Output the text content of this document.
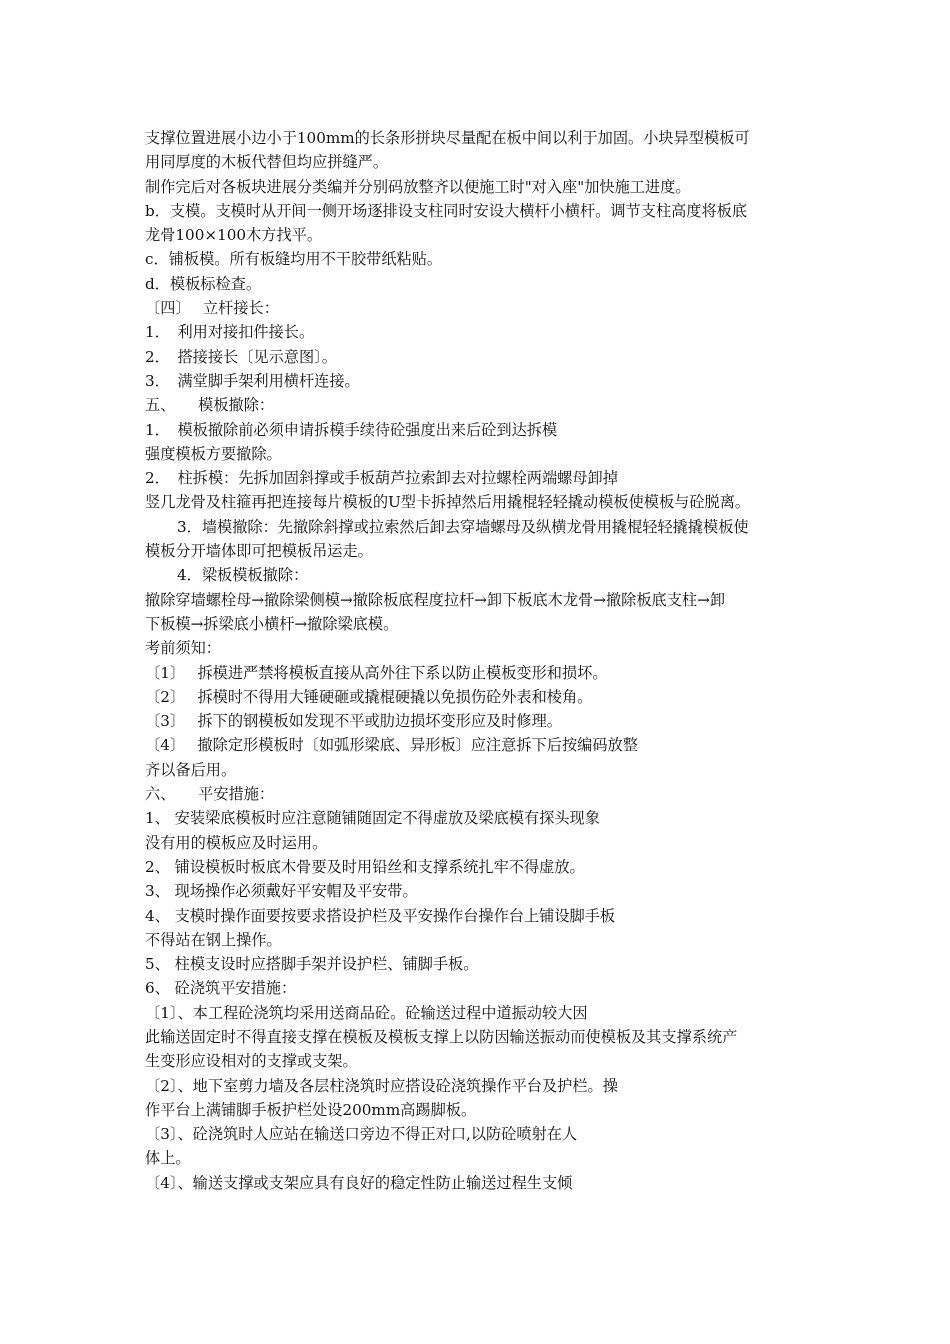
支撑位置进展小边小于100mm的长条形拼块尽量配在板中间以利于加固。小块异型模板可
用同厚度的木板代替但均应拼缝严。
制作完后对各板块进展分类编并分别码放整齐以便施工时"对入座"加快施工进度。
b．支模。支模时从开间一侧开场逐排设支柱同时安设大横杆小横杆。调节支柱高度将板底
龙骨100×100木方找平。
c．铺板模。所有板缝均用不干胶带纸粘贴。
d．模板标检查。
〔四〕　 立杆接长：
1．　利用对接扣件接长。
2．　搭接接长〔见示意图〕。
3．　满堂脚手架利用横杆连接。
五、　　模板撤除：
1．　模板撤除前必须申请拆模手续待砼强度出来后砼到达拆模
强度模板方要撤除。
2．　柱拆模：先拆加固斜撑或手板葫芦拉索卸去对拉螺栓两端螺母卸掉
竖几龙骨及柱箍再把连接每片模板的U型卡拆掉然后用撬棍轻轻撬动模板使模板与砼脱离。
3．墙模撤除：先撤除斜撑或拉索然后卸去穿墙螺母及纵横龙骨用撬棍轻轻撬撬模板使
模板分开墙体即可把模板吊运走。
4．梁板模板撤除：
撤除穿墙螺栓母→撤除梁侧模→撤除板底程度拉杆→卸下板底木龙骨→撤除板底支柱→卸
下板模→拆梁底小横杆→撤除梁底模。
考前须知：
〔1〕　 拆模进严禁将模板直接从高外往下系以防止模板变形和损坏。
〔2〕　 拆模时不得用大锤硬砸或撬棍硬撬以免损伤砼外表和棱角。
〔3〕　 拆下的钢模板如发现不平或肋边损坏变形应及时修理。
〔4〕　 撤除定形模板时〔如弧形梁底、异形板〕应注意拆下后按编码放整
齐以备后用。
六、　　平安措施：
1、 安装梁底模板时应注意随铺随固定不得虚放及梁底模有探头现象
没有用的模板应及时运用。
2、 铺设模板时板底木骨要及时用铅丝和支撑系统扎牢不得虚放。
3、 现场操作必须戴好平安帽及平安带。
4、 支模时操作面要按要求搭设护栏及平安操作台操作台上铺设脚手板
不得站在钢上操作。
5、 柱模支设时应搭脚手架并设护栏、铺脚手板。
6、 砼浇筑平安措施：
〔1〕、本工程砼浇筑均采用送商品砼。砼输送过程中道振动较大因
此输送固定时不得直接支撑在模板及模板支撑上以防因输送振动而使模板及其支撑系统产
生变形应设相对的支撑或支架。
〔2〕、地下室剪力墙及各层柱浇筑时应搭设砼浇筑操作平台及护栏。操
作平台上满铺脚手板护栏处设200mm高踢脚板。
〔3〕、砼浇筑时人应站在输送口旁边不得正对口,以防砼喷射在人
体上。
〔4〕、输送支撑或支架应具有良好的稳定性防止输送过程生支倾
